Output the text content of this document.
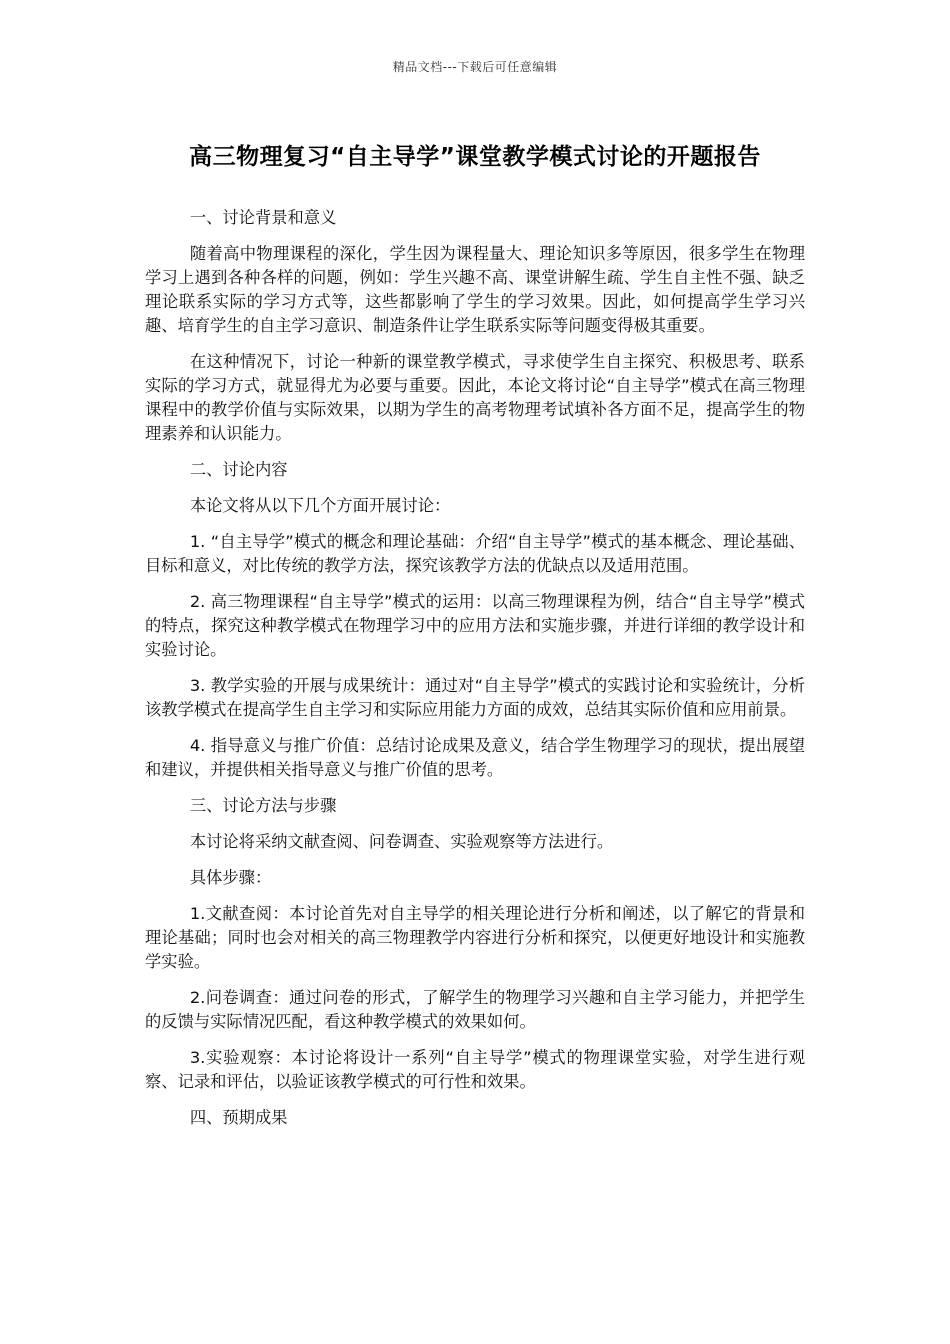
精品文档---下载后可任意编辑
高三物理复习“自主导学”课堂教学模式讨论的开题报告

一、讨论背景和意义

随着高中物理课程的深化，学生因为课程量大、理论知识多等原因，很多学生在物理学习上遇到各种各样的问题，例如：学生兴趣不高、课堂讲解生疏、学生自主性不强、缺乏理论联系实际的学习方式等，这些都影响了学生的学习效果。因此，如何提高学生学习兴趣、培育学生的自主学习意识、制造条件让学生联系实际等问题变得极其重要。

在这种情况下，讨论一种新的课堂教学模式，寻求使学生自主探究、积极思考、联系实际的学习方式，就显得尤为必要与重要。因此，本论文将讨论“自主导学”模式在高三物理课程中的教学价值与实际效果，以期为学生的高考物理考试填补各方面不足，提高学生的物理素养和认识能力。

二、讨论内容

本论文将从以下几个方面开展讨论：

1. “自主导学”模式的概念和理论基础：介绍“自主导学”模式的基本概念、理论基础、目标和意义，对比传统的教学方法，探究该教学方法的优缺点以及适用范围。

2. 高三物理课程“自主导学”模式的运用：以高三物理课程为例，结合“自主导学”模式的特点，探究这种教学模式在物理学习中的应用方法和实施步骤，并进行详细的教学设计和实验讨论。

3. 教学实验的开展与成果统计：通过对“自主导学”模式的实践讨论和实验统计，分析该教学模式在提高学生自主学习和实际应用能力方面的成效，总结其实际价值和应用前景。

4. 指导意义与推广价值：总结讨论成果及意义，结合学生物理学习的现状，提出展望和建议，并提供相关指导意义与推广价值的思考。

三、讨论方法与步骤

本讨论将采纳文献查阅、问卷调查、实验观察等方法进行。

具体步骤：

1.文献查阅：本讨论首先对自主导学的相关理论进行分析和阐述，以了解它的背景和理论基础；同时也会对相关的高三物理教学内容进行分析和探究，以便更好地设计和实施教学实验。

2.问卷调查：通过问卷的形式，了解学生的物理学习兴趣和自主学习能力，并把学生的反馈与实际情况匹配，看这种教学模式的效果如何。

3.实验观察：本讨论将设计一系列“自主导学”模式的物理课堂实验，对学生进行观察、记录和评估，以验证该教学模式的可行性和效果。

四、预期成果
